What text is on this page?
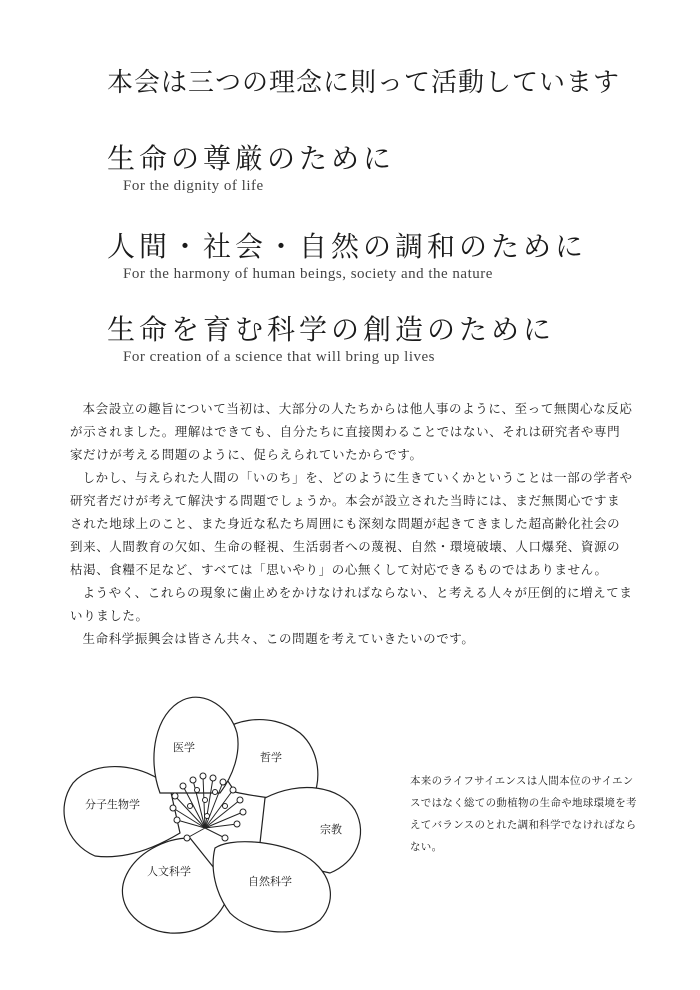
本会は三つの理念に則って活動しています
生命の尊厳のために
For the dignity of life
人間・社会・自然の調和のために
For the harmony of human beings, society and the nature
生命を育む科学の創造のために
For creation of a science that will bring up lives

本会設立の趣旨について当初は、大部分の人たちからは他人事のように、至って無関心な反応が示されました。理解はできても、自分たちに直接関わることではない、それは研究者や専門家だけが考える問題のように、促らえられていたからです。

しかし、与えられた人間の「いのち」を、どのように生きていくかということは一部の学者や研究者だけが考えて解決する問題でしょうか。本会が設立された当時には、まだ無関心ですまされた地球上のこと、また身近な私たち周囲にも深刻な問題が起きてきました超高齢化社会の到来、人間教育の欠如、生命の軽視、生活弱者への蔑視、自然・環境破壊、人口爆発、資源の枯渇、食糧不足など、すべては「思いやり」の心無くして対応できるものではありません。

ようやく、これらの現象に歯止めをかけなければならない、と考える人々が圧倒的に増えてまいりました。

生命科学振興会は皆さん共々、この問題を考えていきたいのです。

医学
哲学
分子生物学
宗教
人文科学
自然科学
本来のライフサイエンスは人間本位のサイエンスではなく総ての動植物の生命や地球環境を考えてバランスのとれた調和科学でなければならない。
